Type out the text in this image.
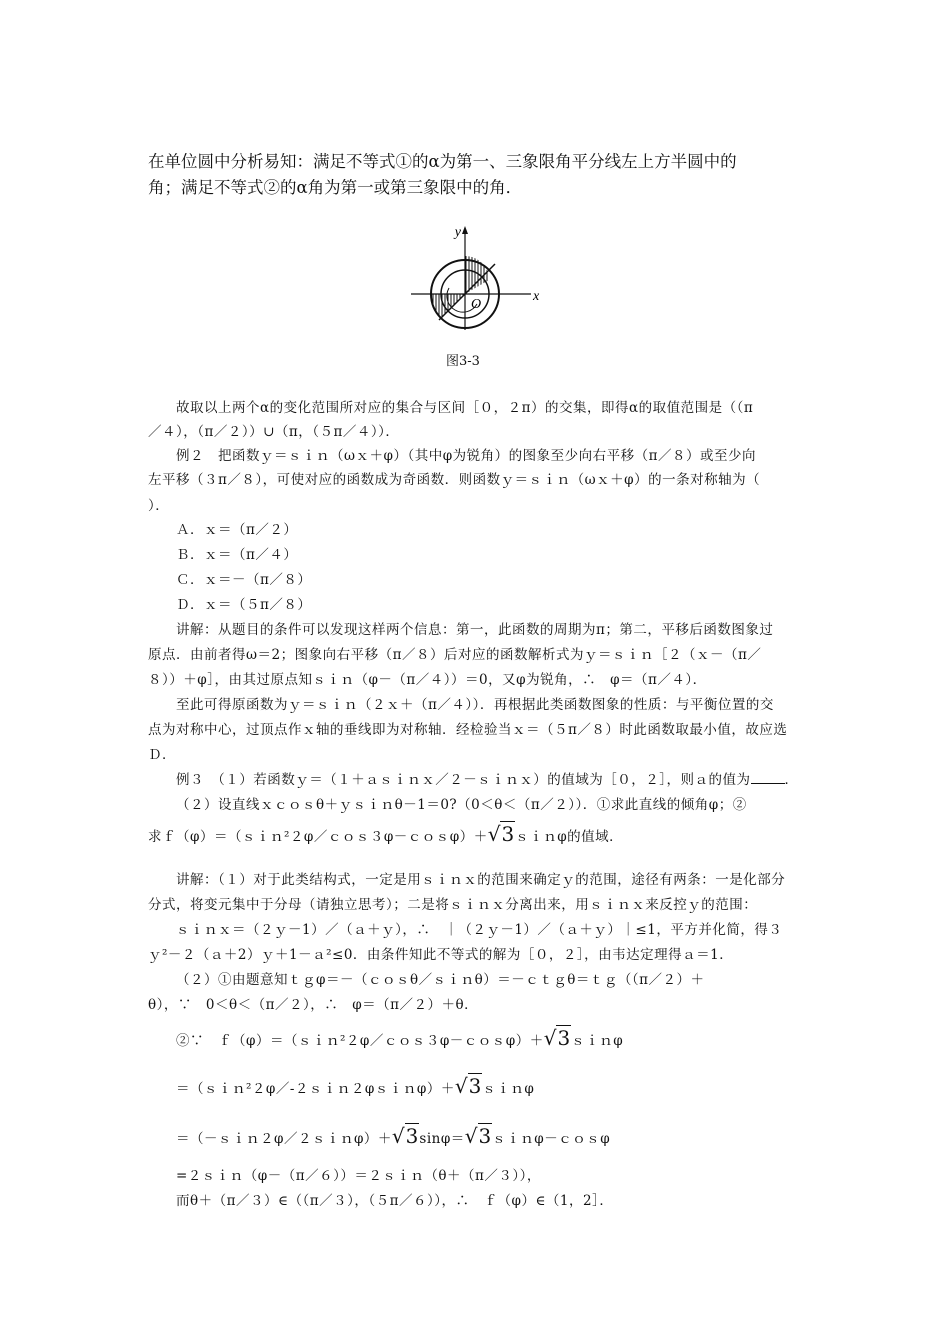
在单位圆中分析易知：满足不等式①的α为第一、三象限角平分线左上方半圆中的
角；满足不等式②的α角为第一或第三象限中的角．
y
O
x
图3-3
故取以上两个α的变化范围所对应的集合与区间［０，２π）的交集，即得α的取值范围是（（π
／４），（π／２））∪（π，（５π／４））．
例２　把函数ｙ＝ｓｉｎ（ωｘ＋φ）（其中φ为锐角）的图象至少向右平移（π／８）或至少向
左平移（３π／８），可使对应的函数成为奇函数．则函数ｙ＝ｓｉｎ（ωｘ＋φ）的一条对称轴为（
）．
Ａ．ｘ＝（π／２）
Ｂ．ｘ＝（π／４）
Ｃ．ｘ＝－（π／８）
Ｄ．ｘ＝（５π／８）
讲解：从题目的条件可以发现这样两个信息：第一，此函数的周期为π；第二，平移后函数图象过
原点．由前者得ω＝2；图象向右平移（π／８）后对应的函数解析式为ｙ＝ｓｉｎ［２（ｘ－（π／
８））＋φ］，由其过原点知ｓｉｎ（φ－（π／４））＝0，又φ为锐角，∴　φ＝（π／４）．
至此可得原函数为ｙ＝ｓｉｎ（２ｘ＋（π／４））．再根据此类函数图象的性质：与平衡位置的交
点为对称中心，过顶点作ｘ轴的垂线即为对称轴．经检验当ｘ＝（５π／８）时此函数取最小值，故应选
Ｄ．
例３　（１）若函数ｙ＝（１＋ａｓｉｎｘ／２－ｓｉｎｘ）的值域为［０，２］，则ａ的值为	．
（２）设直线ｘｃｏｓθ＋ｙｓｉｎθ－1＝0?（0＜θ＜（π／２））．①求此直线的倾角φ；②
求ｆ（φ）＝（ｓｉｎ²２φ／ｃｏｓ３φ－ｃｏｓφ）＋√3ｓｉｎφ的值域．
讲解：（１）对于此类结构式，一定是用ｓｉｎｘ的范围来确定ｙ的范围，途径有两条：一是化部分
分式，将变元集中于分母（请独立思考）；二是将ｓｉｎｘ分离出来，用ｓｉｎｘ来反控ｙ的范围：
ｓｉｎｘ＝（２ｙ－1）／（ａ＋ｙ），∴　｜（２ｙ－1）／（ａ＋ｙ）｜≤1，平方并化简，得３
ｙ²－２（ａ＋2）ｙ＋1－ａ²≤0．由条件知此不等式的解为［０，２］，由韦达定理得ａ＝1．
（２）①由题意知ｔｇφ＝－（ｃｏｓθ／ｓｉｎθ）＝－ｃｔｇθ＝ｔｇ（（π／２）＋
θ），∵　0＜θ＜（π／２），∴　φ＝（π／２）＋θ．
②∵　ｆ（φ）＝（ｓｉｎ²２φ／ｃｏｓ３φ－ｃｏｓφ）＋√3ｓｉｎφ
＝（ｓｉｎ²２φ／-２ｓｉｎ２φｓｉｎφ）＋√3ｓｉｎφ
＝（－ｓｉｎ２φ／２ｓｉｎφ）＋√3sinφ＝√3ｓｉｎφ－ｃｏｓφ
=２ｓｉｎ（φ－（π／６））＝２ｓｉｎ（θ＋（π／３）），
而θ＋（π／３）∈（（π／３），（５π／６）），∴　ｆ（φ）∈（1，2］．
